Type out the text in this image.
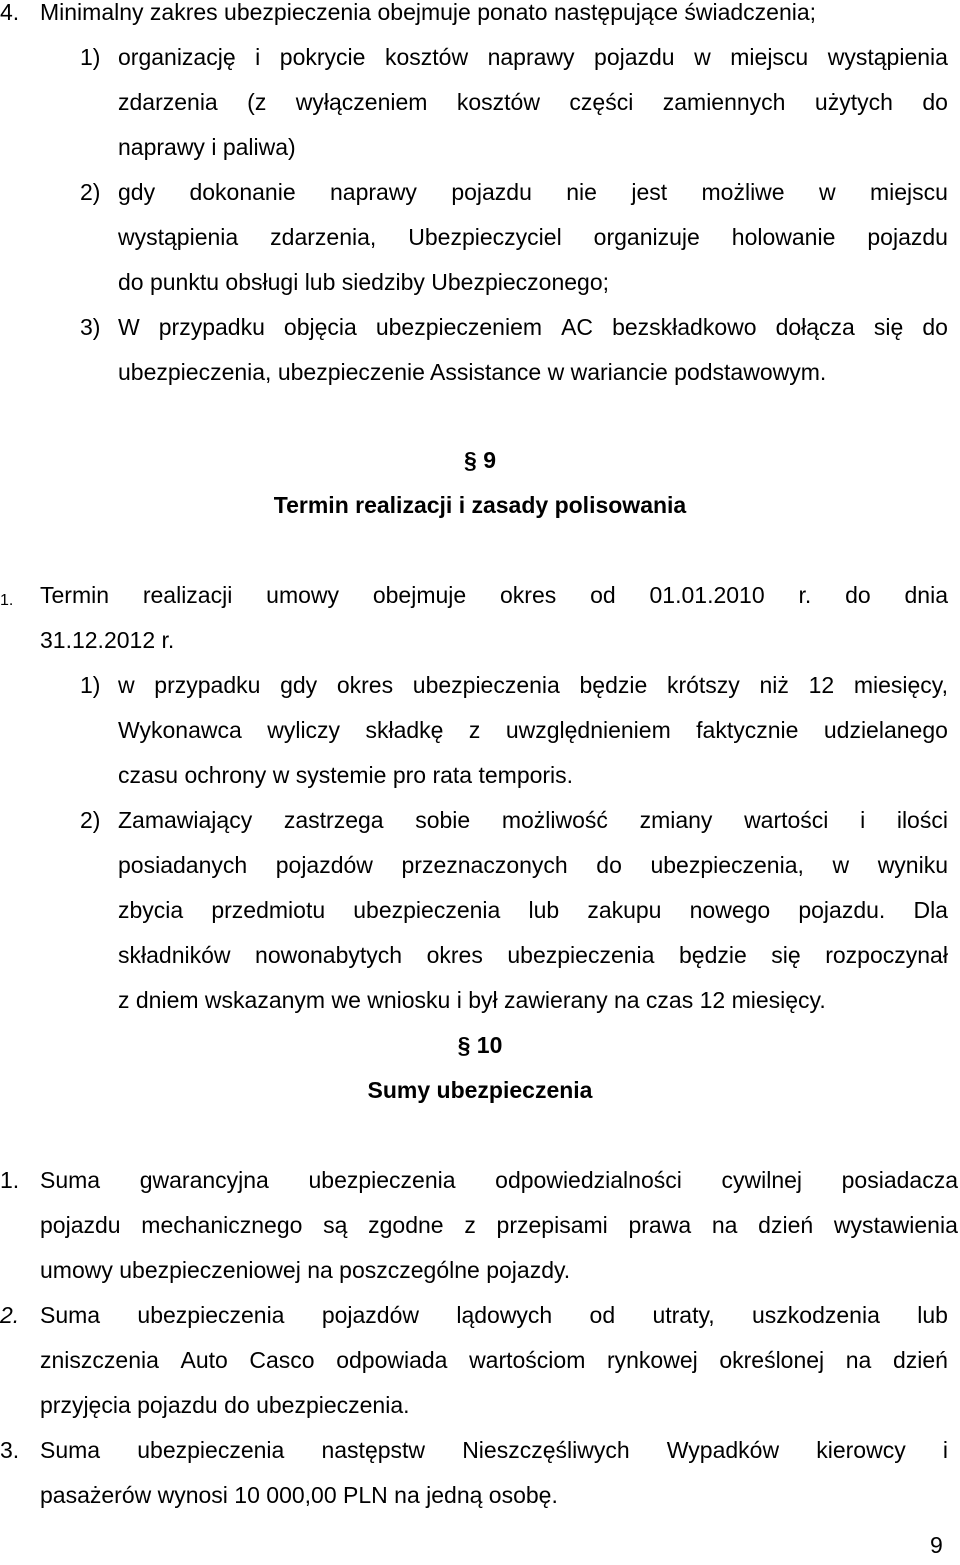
4. Minimalny zakres ubezpieczenia obejmuje ponato następujące świadczenia;
1) organizację i pokrycie kosztów naprawy pojazdu w miejscu wystąpienia
zdarzenia (z wyłączeniem kosztów części zamiennych użytych do
naprawy i paliwa)
2) gdy dokonanie naprawy pojazdu nie jest możliwe w miejscu
wystąpienia zdarzenia, Ubezpieczyciel organizuje holowanie pojazdu
do punktu obsługi lub siedziby Ubezpieczonego;
3) W przypadku objęcia ubezpieczeniem AC bezskładkowo dołącza się do
ubezpieczenia, ubezpieczenie Assistance w wariancie podstawowym.
§ 9
Termin realizacji i zasady polisowania
1. Termin realizacji umowy obejmuje okres od 01.01.2010 r. do dnia
31.12.2012 r.
1) w przypadku gdy okres ubezpieczenia będzie krótszy niż 12 miesięcy,
Wykonawca wyliczy składkę z uwzględnieniem faktycznie udzielanego
czasu ochrony w systemie pro rata temporis.
2) Zamawiający zastrzega sobie możliwość zmiany wartości i ilości
posiadanych pojazdów przeznaczonych do ubezpieczenia, w wyniku
zbycia przedmiotu ubezpieczenia lub zakupu nowego pojazdu. Dla
składników nowonabytych okres ubezpieczenia będzie się rozpoczynał
z dniem wskazanym we wniosku i był zawierany na czas 12 miesięcy.
§ 10
Sumy ubezpieczenia
1. Suma gwarancyjna ubezpieczenia odpowiedzialności cywilnej posiadacza
pojazdu mechanicznego są zgodne z przepisami prawa na dzień wystawienia
umowy ubezpieczeniowej na poszczególne pojazdy.
2. Suma ubezpieczenia pojazdów lądowych od utraty, uszkodzenia lub
zniszczenia Auto Casco odpowiada wartościom rynkowej określonej na dzień
przyjęcia pojazdu do ubezpieczenia.
3. Suma ubezpieczenia następstw Nieszczęśliwych Wypadków kierowcy i
pasażerów wynosi 10 000,00 PLN na jedną osobę.
9
